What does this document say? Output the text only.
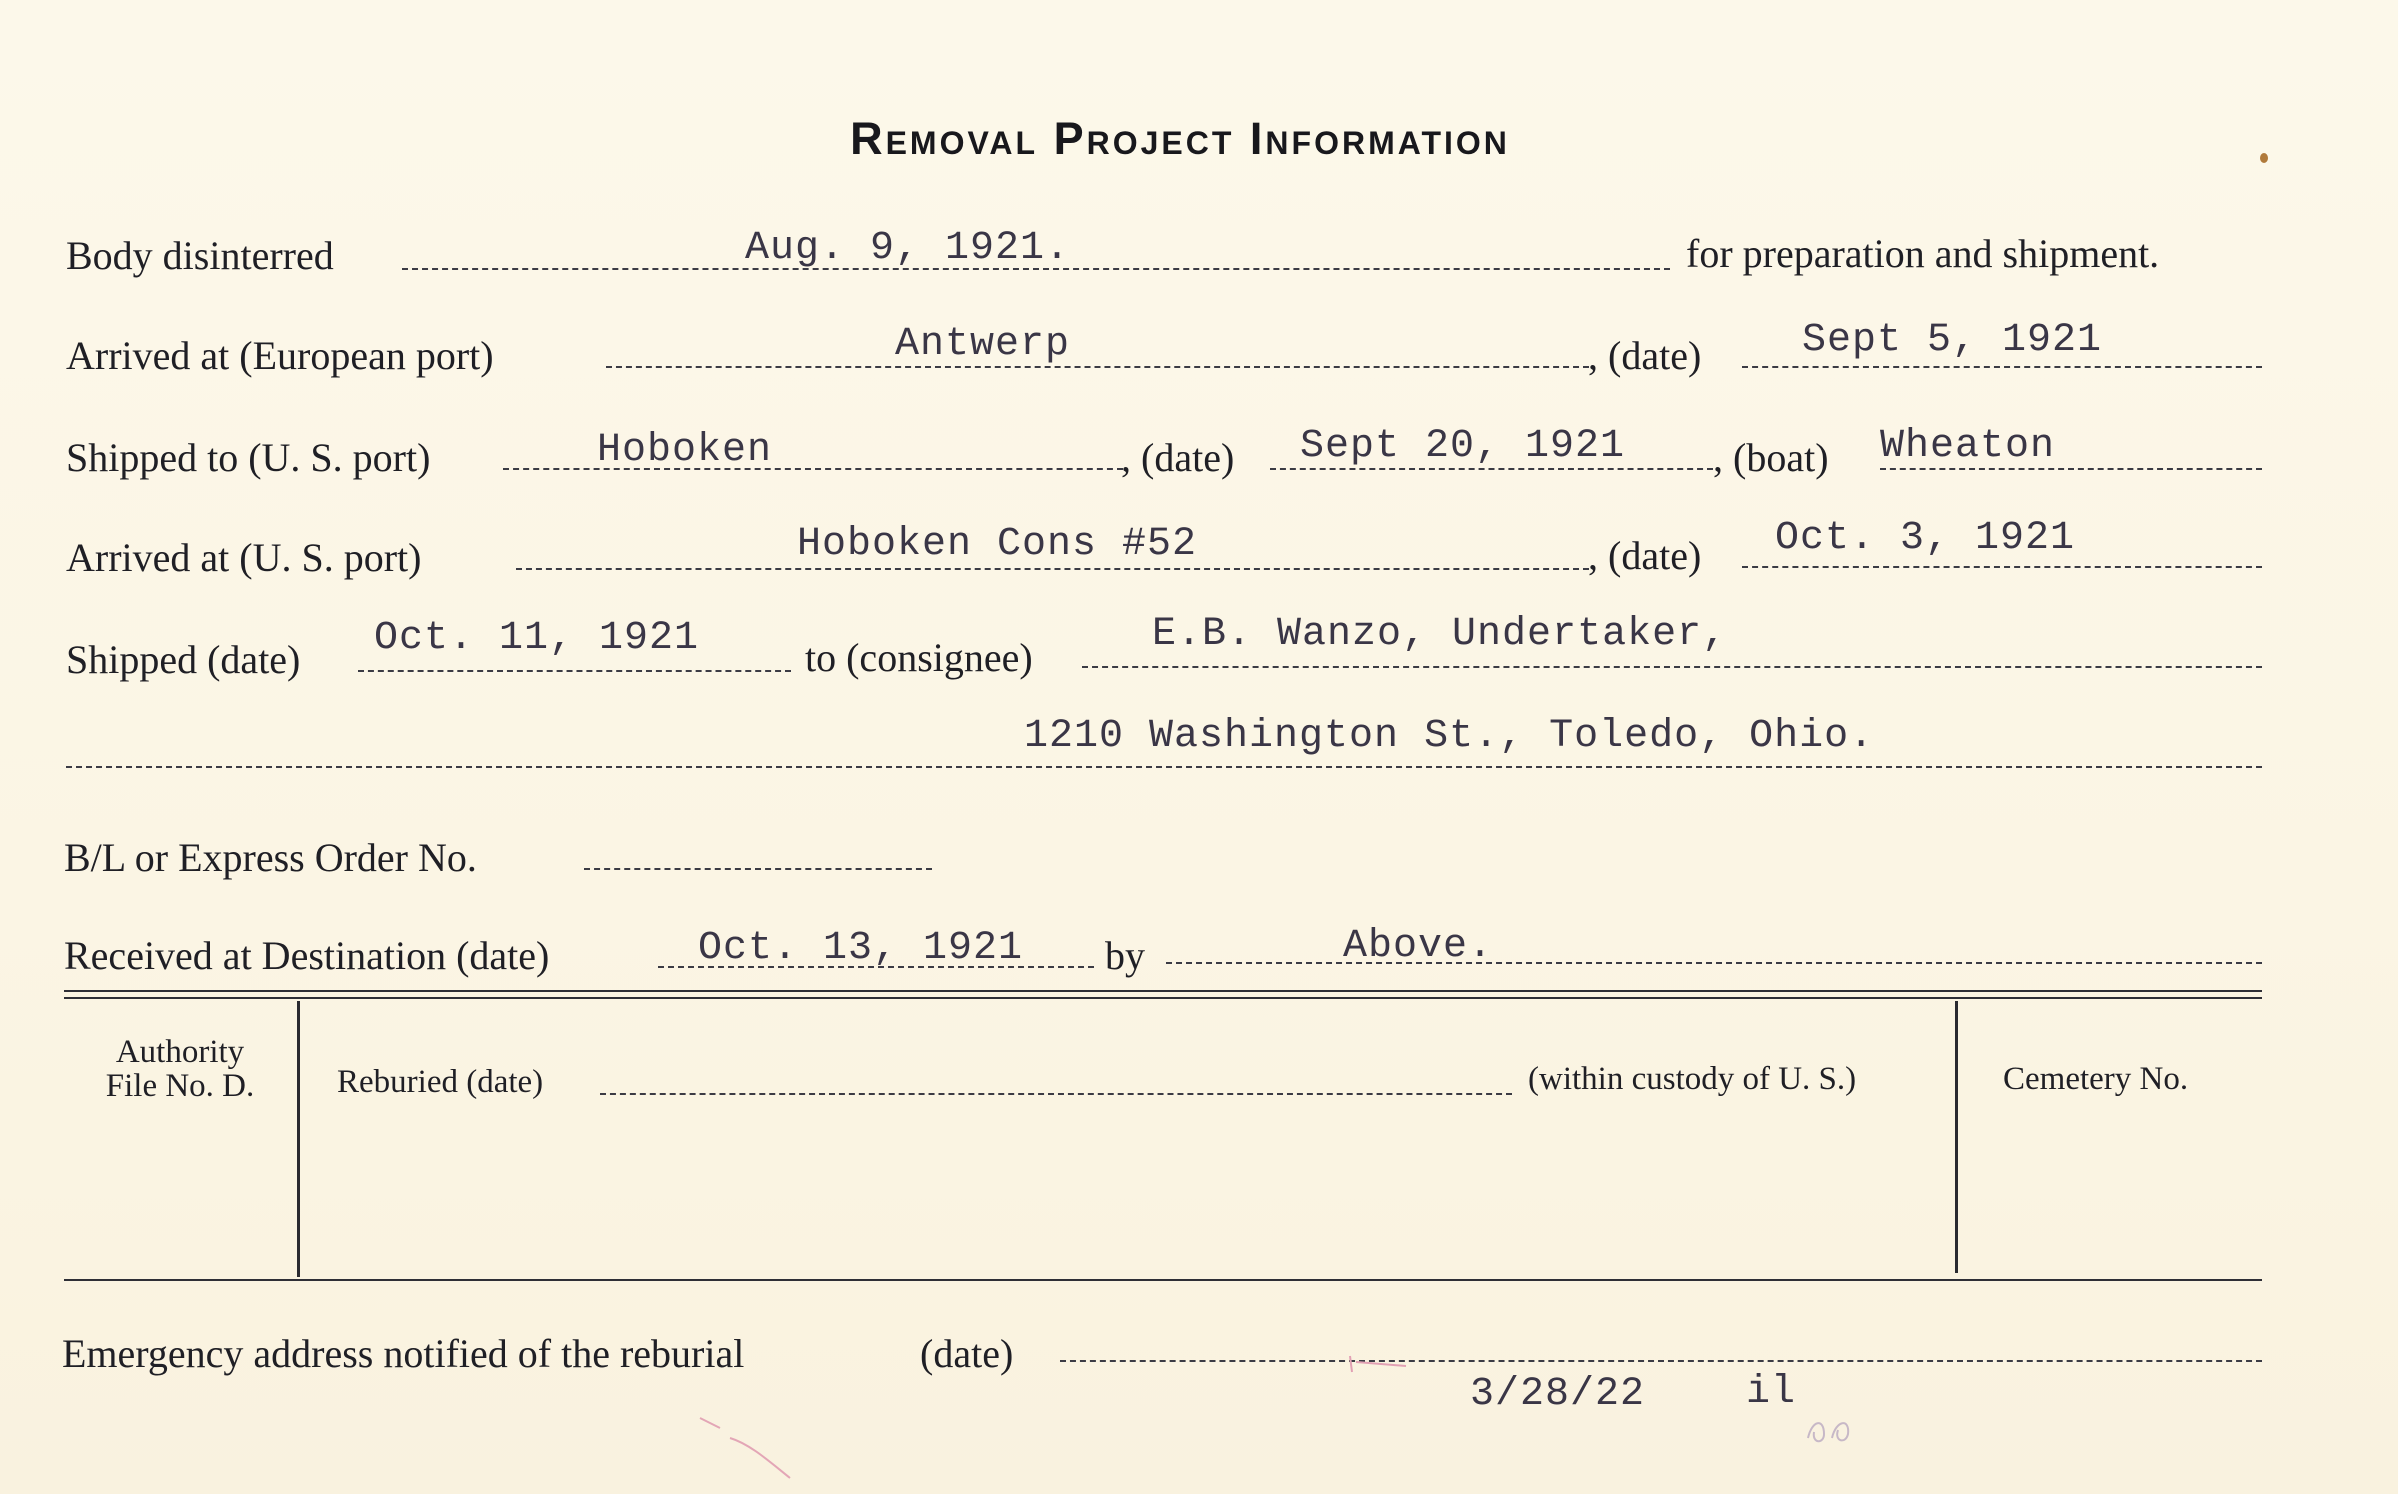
Removal Project Information
Body disinterred	Aug. 9, 1921.	for preparation and shipment.
Arrived at (European port)	Antwerp	, (date)	Sept 5, 1921
Shipped to (U. S. port)	Hoboken	, (date) Sept 20, 1921 , (boat) Wheaton
Arrived at (U. S. port)	Hoboken Cons #52	, (date) Oct. 3, 1921
Shipped (date) Oct. 11, 1921	to (consignee)
E.B. Wanzo, Undertaker,
1210 Washington St., Toledo, Ohio.
B/L or Express Order No.
Received at Destination (date)	Oct. 13, 1921 by	Above.
Authority
File No. D.	Reburied (date)	(within custody of U. S.)	Cemetery No.
Emergency address notified of the reburial	(date)
3/28/22	il
